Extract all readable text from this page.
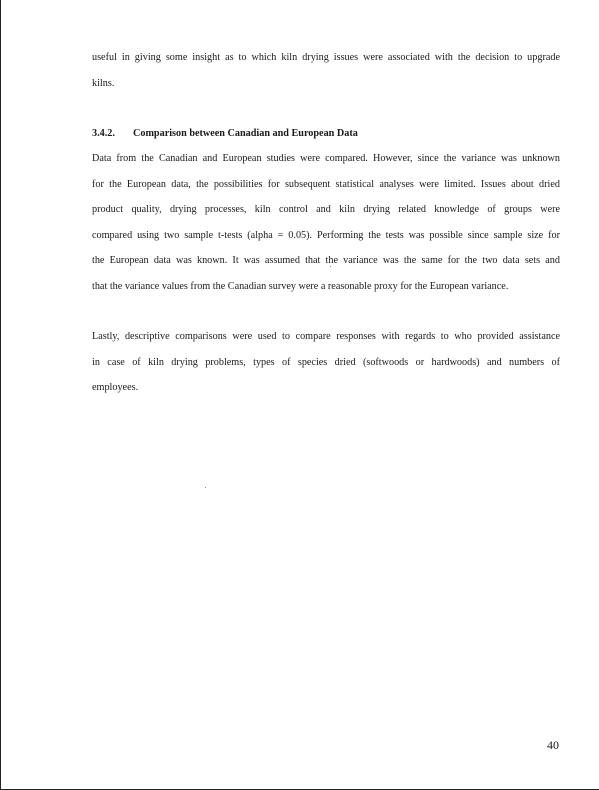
useful in giving some insight as to which kiln drying issues were associated with the decision to upgrade
kilns.
3.4.2. Comparison between Canadian and European Data
Data from the Canadian and European studies were compared. However, since the variance was unknown
for the European data, the possibilities for subsequent statistical analyses were limited. Issues about dried
product quality, drying processes, kiln control and kiln drying related knowledge of groups were
compared using two sample t-tests (alpha = 0.05). Performing the tests was possible since sample size for
the European data was known. It was assumed that the variance was the same for the two data sets and
that the variance values from the Canadian survey were a reasonable proxy for the European variance.
Lastly, descriptive comparisons were used to compare responses with regards to who provided assistance
in case of kiln drying problems, types of species dried (softwoods or hardwoods) and numbers of
employees.
40
